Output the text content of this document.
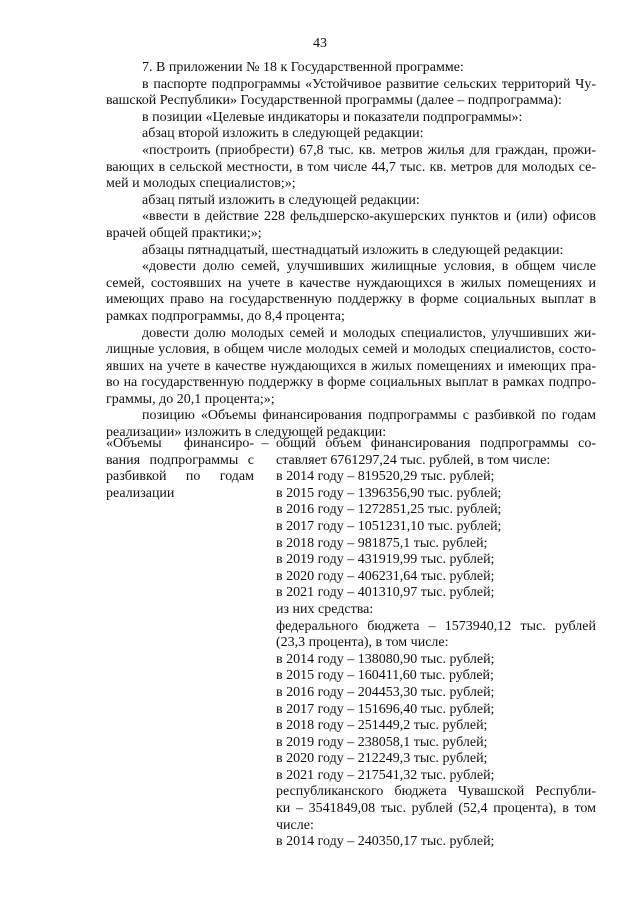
43
7. В приложении № 18 к Государственной программе:
в паспорте подпрограммы «Устойчивое развитие сельских территорий Чу-
вашской Республики» Государственной программы (далее – подпрограмма):
в позиции «Целевые индикаторы и показатели подпрограммы»:
абзац второй изложить в следующей редакции:
«построить (приобрести) 67,8 тыс. кв. метров жилья для граждан, прожи-
вающих в сельской местности, в том числе 44,7 тыс. кв. метров для молодых се-
мей и молодых специалистов;»;
абзац пятый изложить в следующей редакции:
«ввести в действие 228 фельдшерско-акушерских пунктов и (или) офисов
врачей общей практики;»;
абзацы пятнадцатый, шестнадцатый изложить в следующей редакции:
«довести долю семей, улучшивших жилищные условия, в общем числе
семей, состоявших на учете в качестве нуждающихся в жилых помещениях и
имеющих право на государственную поддержку в форме социальных выплат в
рамках подпрограммы, до 8,4 процента;
довести долю молодых семей и молодых специалистов, улучшивших жи-
лищные условия, в общем числе молодых семей и молодых специалистов, состо-
явших на учете в качестве нуждающихся в жилых помещениях и имеющих пра-
во на государственную поддержку в форме социальных выплат в рамках подпро-
граммы, до 20,1 процента;»;
позицию «Объемы финансирования подпрограммы с разбивкой по годам
реализации» изложить в следующей редакции:
«Объемы финансиро-
вания подпрограммы с
разбивкой по годам
реализации
– общий объем финансирования подпрограммы со-
ставляет 6761297,24 тыс. рублей, в том числе:
в 2014 году – 819520,29 тыс. рублей;
в 2015 году – 1396356,90 тыс. рублей;
в 2016 году – 1272851,25 тыс. рублей;
в 2017 году – 1051231,10 тыс. рублей;
в 2018 году – 981875,1 тыс. рублей;
в 2019 году – 431919,99 тыс. рублей;
в 2020 году – 406231,64 тыс. рублей;
в 2021 году – 401310,97 тыс. рублей;
из них средства:
федерального бюджета – 1573940,12 тыс. рублей
(23,3 процента), в том числе:
в 2014 году – 138080,90 тыс. рублей;
в 2015 году – 160411,60 тыс. рублей;
в 2016 году – 204453,30 тыс. рублей;
в 2017 году – 151696,40 тыс. рублей;
в 2018 году – 251449,2 тыс. рублей;
в 2019 году – 238058,1 тыс. рублей;
в 2020 году – 212249,3 тыс. рублей;
в 2021 году – 217541,32 тыс. рублей;
республиканского бюджета Чувашской Республи-
ки – 3541849,08 тыс. рублей (52,4 процента), в том
числе:
в 2014 году – 240350,17 тыс. рублей;
